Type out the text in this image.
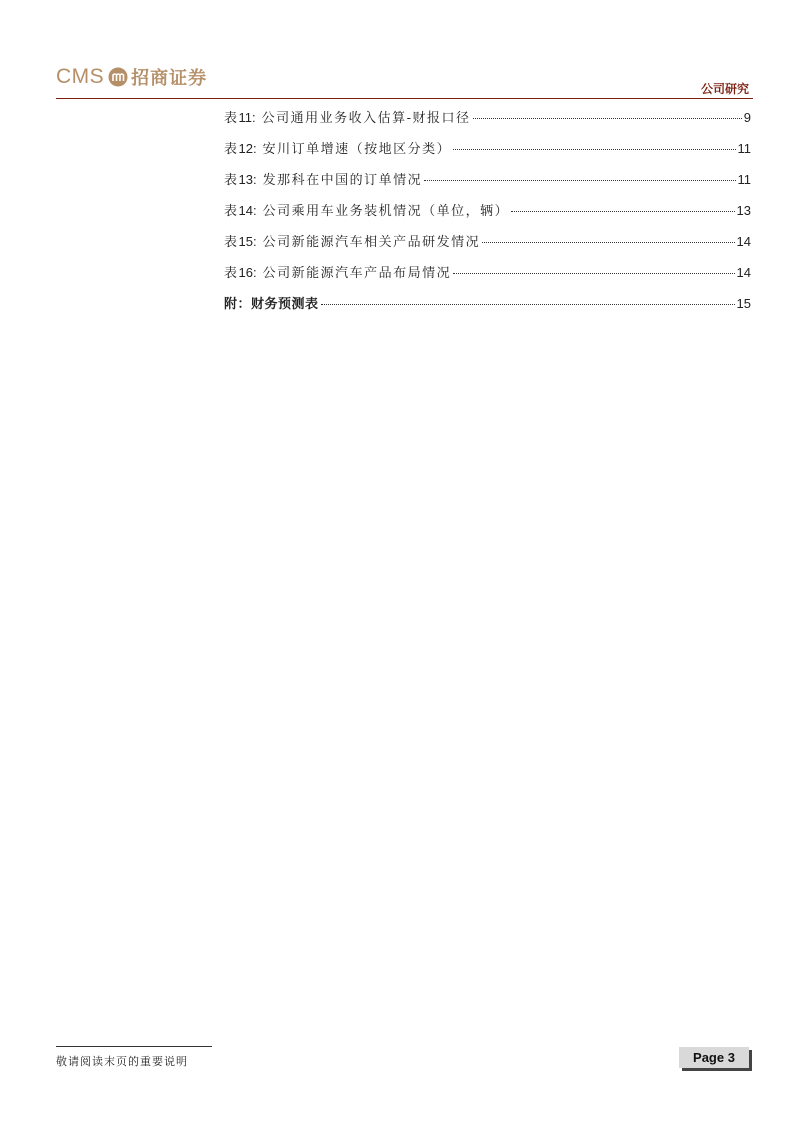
CMS 招商证券	公司研究
表 11: 公司通用业务收入估算-财报口径	9
表 12: 安川订单增速（按地区分类）	11
表 13: 发那科在中国的订单情况	11
表 14: 公司乘用车业务装机情况（单位，辆）	13
表 15: 公司新能源汽车相关产品研发情况	14
表 16: 公司新能源汽车产品布局情况	14
附：财务预测表	15
敬请阅读末页的重要说明	Page 3
